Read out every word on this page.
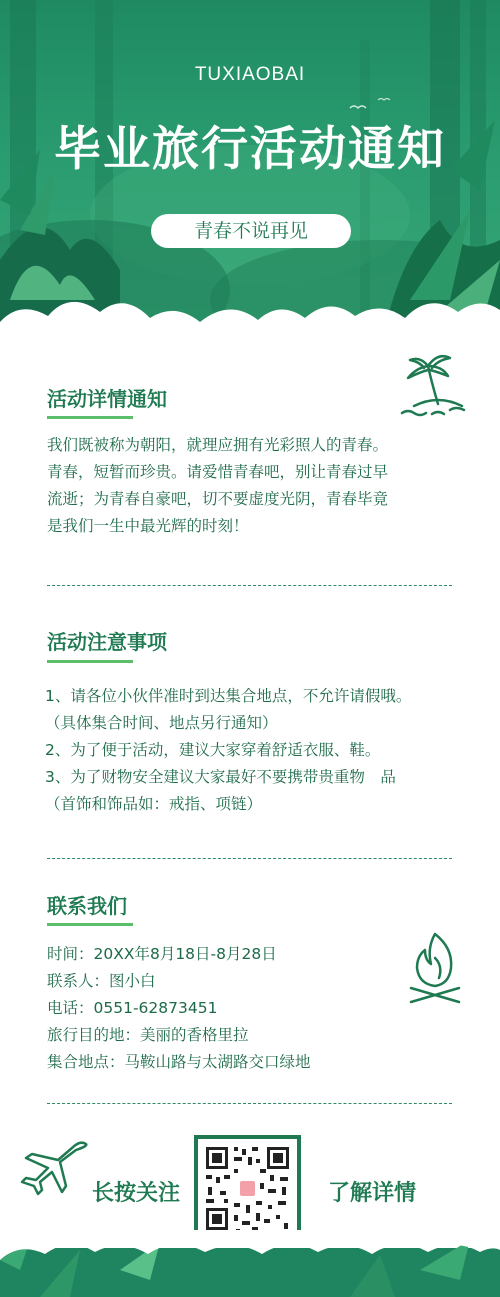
TUXIAOBAI
毕业旅行活动通知
青春不说再见
活动详情通知

我们既被称为朝阳，就理应拥有光彩照人的青春。

青春，短暂而珍贵。请爱惜青春吧，别让青春过早

流逝；为青春自豪吧，切不要虚度光阴，青春毕竟

是我们一生中最光辉的时刻！

活动注意事项

1、请各位小伙伴准时到达集合地点，不允许请假哦。

（具体集合时间、地点另行通知）

2、为了便于活动，建议大家穿着舒适衣服、鞋。

3、为了财物安全建议大家最好不要携带贵重物　品

（首饰和饰品如：戒指、项链）

联系我们

时间：20XX年8月18日-8月28日

联系人：图小白

电话：0551-62873451

旅行目的地：美丽的香格里拉

集合地点：马鞍山路与太湖路交口绿地

长按关注	了解详情
